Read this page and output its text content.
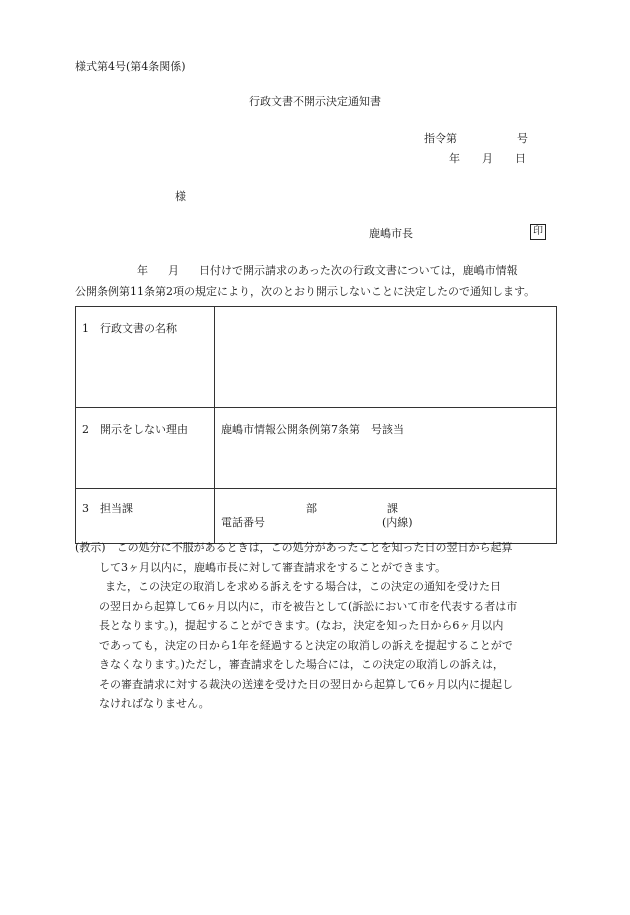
様式第4号(第4条関係)
行政文書不開示決定通知書
指令第	号
年 月 日
様
鹿嶋市長	印
年 月 日付けで開示請求のあった次の行政文書については，鹿嶋市情報
公開条例第11条第2項の規定により，次のとおり開示しないことに決定したので通知します。
1 行政文書の名称	
2 開示をしない理由	鹿嶋市情報公開条例第7条第　号該当
3 担当課	部 課
電話番号 (内線)
(教示)　この処分に不服があるときは，この処分があったことを知った日の翌日から起算
して3ヶ月以内に，鹿嶋市長に対して審査請求をすることができます。
また，この決定の取消しを求める訴えをする場合は，この決定の通知を受けた日
の翌日から起算して6ヶ月以内に，市を被告として(訴訟において市を代表する者は市
長となります。)，提起することができます。(なお，決定を知った日から6ヶ月以内
であっても，決定の日から1年を経過すると決定の取消しの訴えを提起することがで
きなくなります。)ただし，審査請求をした場合には，この決定の取消しの訴えは，
その審査請求に対する裁決の送達を受けた日の翌日から起算して6ヶ月以内に提起し
なければなりません。
